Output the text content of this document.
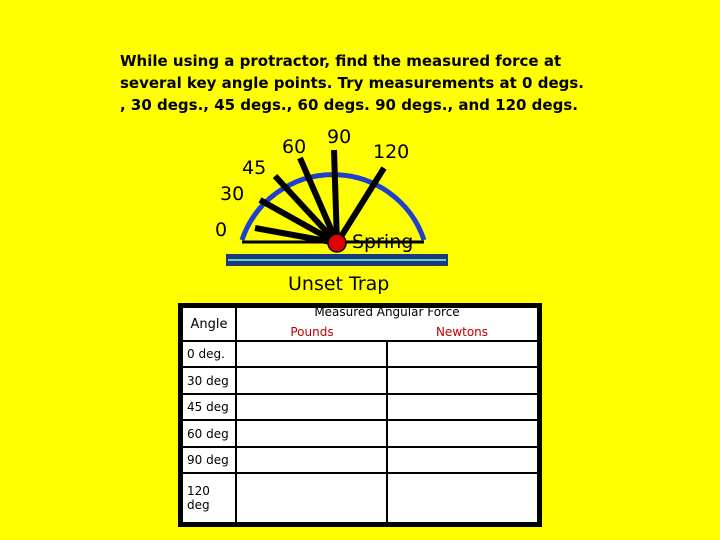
While using a protractor, find the measured force at several key angle points. Try measurements at 0 degs. , 30 degs., 45 degs., 60 degs. 90 degs., and 120 degs.
0
30
45
60 90
120
Spring
Unset Trap
Angle	Measured Angular Force
Pounds Newtons	

0 deg.		
30 deg		
45 deg		
60 deg		
90 deg		
120 deg		
